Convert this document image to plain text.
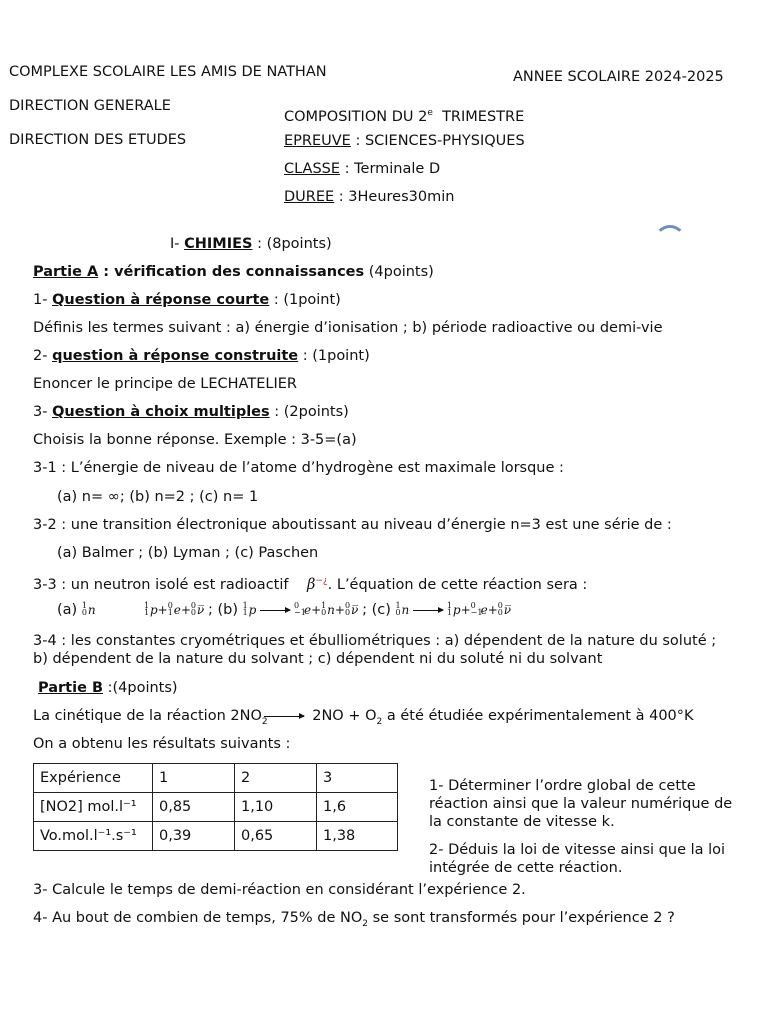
COMPLEXE SCOLAIRE LES AMIS DE NATHAN	ANNEE SCOLAIRE 2024-2025
DIRECTION GENERALE
DIRECTION DES ETUDES
COMPOSITION DU 2e TRIMESTRE
EPREUVE : SCIENCES-PHYSIQUES
CLASSE : Terminale D
DUREE : 3Heures30min
I- CHIMIES : (8points)
Partie A : vérification des connaissances (4points)
1- Question à réponse courte : (1point)
Définis les termes suivant : a) énergie d’ionisation ; b) période radioactive ou demi-vie
2- question à réponse construite : (1point)
Enoncer le principe de LECHATELIER
3- Question à choix multiples : (2points)
Choisis la bonne réponse. Exemple : 3-5=(a)
3-1 : L’énergie de niveau de l’atome d’hydrogène est maximale lorsque :
(a) n= ∞; (b) n=2 ; (c) n= 1
3-2 : une transition électronique aboutissant au niveau d’énergie n=3 est une série de :
(a) Balmer ; (b) Lyman ; (c) Paschen
3-3 : un neutron isolé est radioactif β−¿. L’équation de cette réaction sera :
(a) 1
0n	1
1p+0
1e+0
0ν̅ ; (b) 1
1p	0
−1e+1
0n+0
0ν̅ ; (c) 1
0n	1
1p+0
−1e+0
0ν̅
3-4 : les constantes cryométriques et ébulliométriques : a) dépendent de la nature du soluté ; b) dépendent de la nature du solvant ; c) dépendent ni du soluté ni du solvant
Partie B :(4points)
La cinétique de la réaction $2NO_2 \to 2NO + O_2$ a été étudiée expérimentalement à 400°K
On a obtenu les résultats suivants :
Expérience	1	2	3
[NO2] mol.l⁻¹	0,85	1,10	1,6
Vo.mol.l⁻¹.s⁻¹	0,39	0,65	1,38
1- Déterminer l’ordre global de cette réaction ainsi que la valeur numérique de la constante de vitesse k.
2- Déduis la loi de vitesse ainsi que la loi intégrée de cette réaction.
3- Calcule le temps de demi-réaction en considérant l’expérience 2.
4- Au bout de combien de temps, 75% de $NO_2$ se sont transformés pour l’expérience 2 ?
